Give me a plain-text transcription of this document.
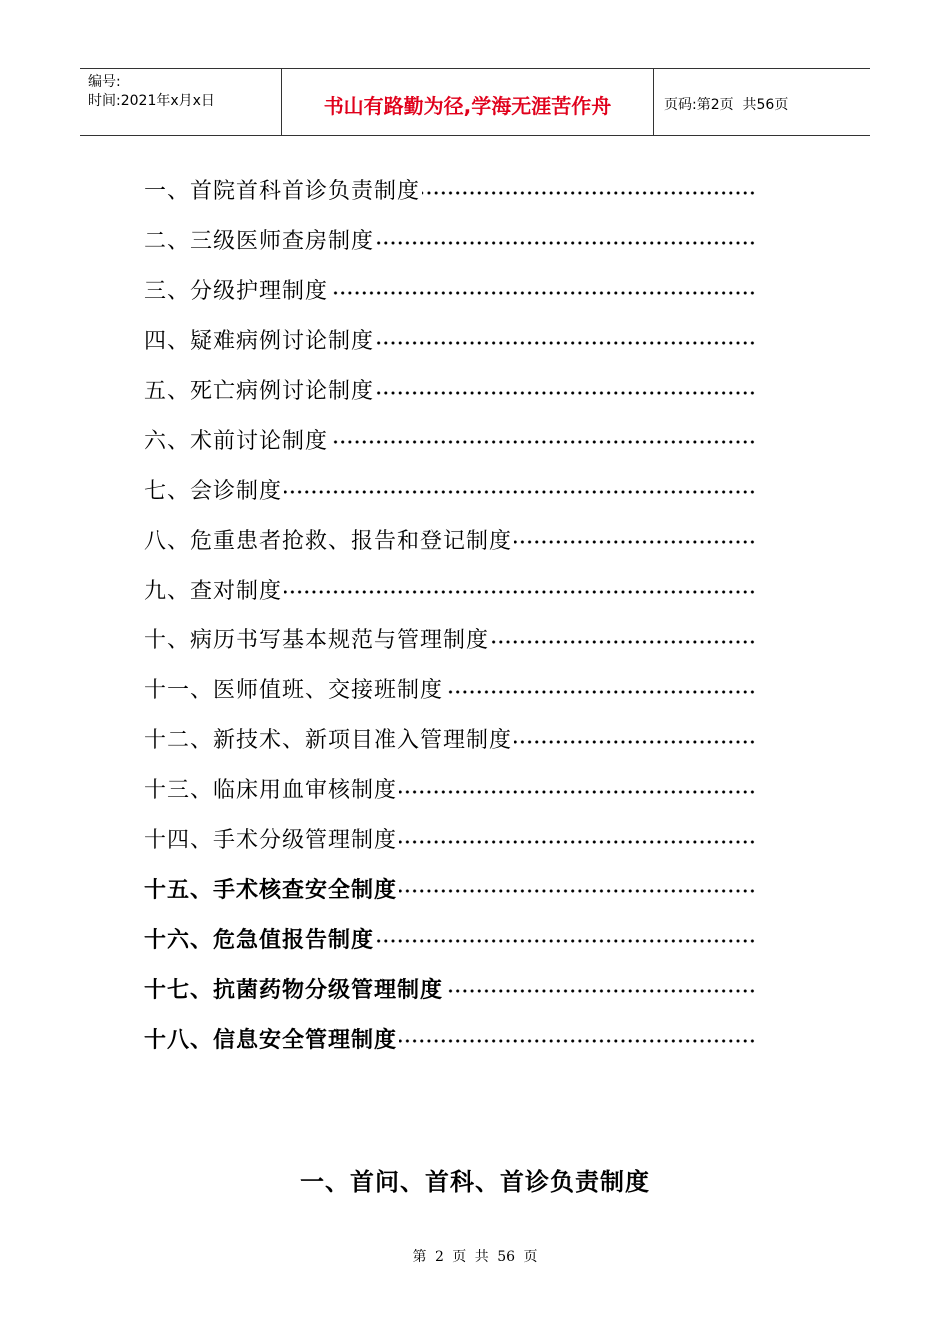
编号:
时间:2021年x月x日	书山有路勤为径,学海无涯苦作舟	页码:第2页  共56页
一、首院首科首诊负责制度
二、三级医师查房制度
三、分级护理制度
四、疑难病例讨论制度
五、死亡病例讨论制度
六、术前讨论制度
七、会诊制度
八、危重患者抢救、报告和登记制度
九、查对制度
十、病历书写基本规范与管理制度
十一、医师值班、交接班制度
十二、新技术、新项目准入管理制度
十三、临床用血审核制度
十四、手术分级管理制度
十五、手术核查安全制度
十六、危急值报告制度
十七、抗菌药物分级管理制度
十八、信息安全管理制度
一、首问、首科、首诊负责制度
第 2 页 共 56 页
